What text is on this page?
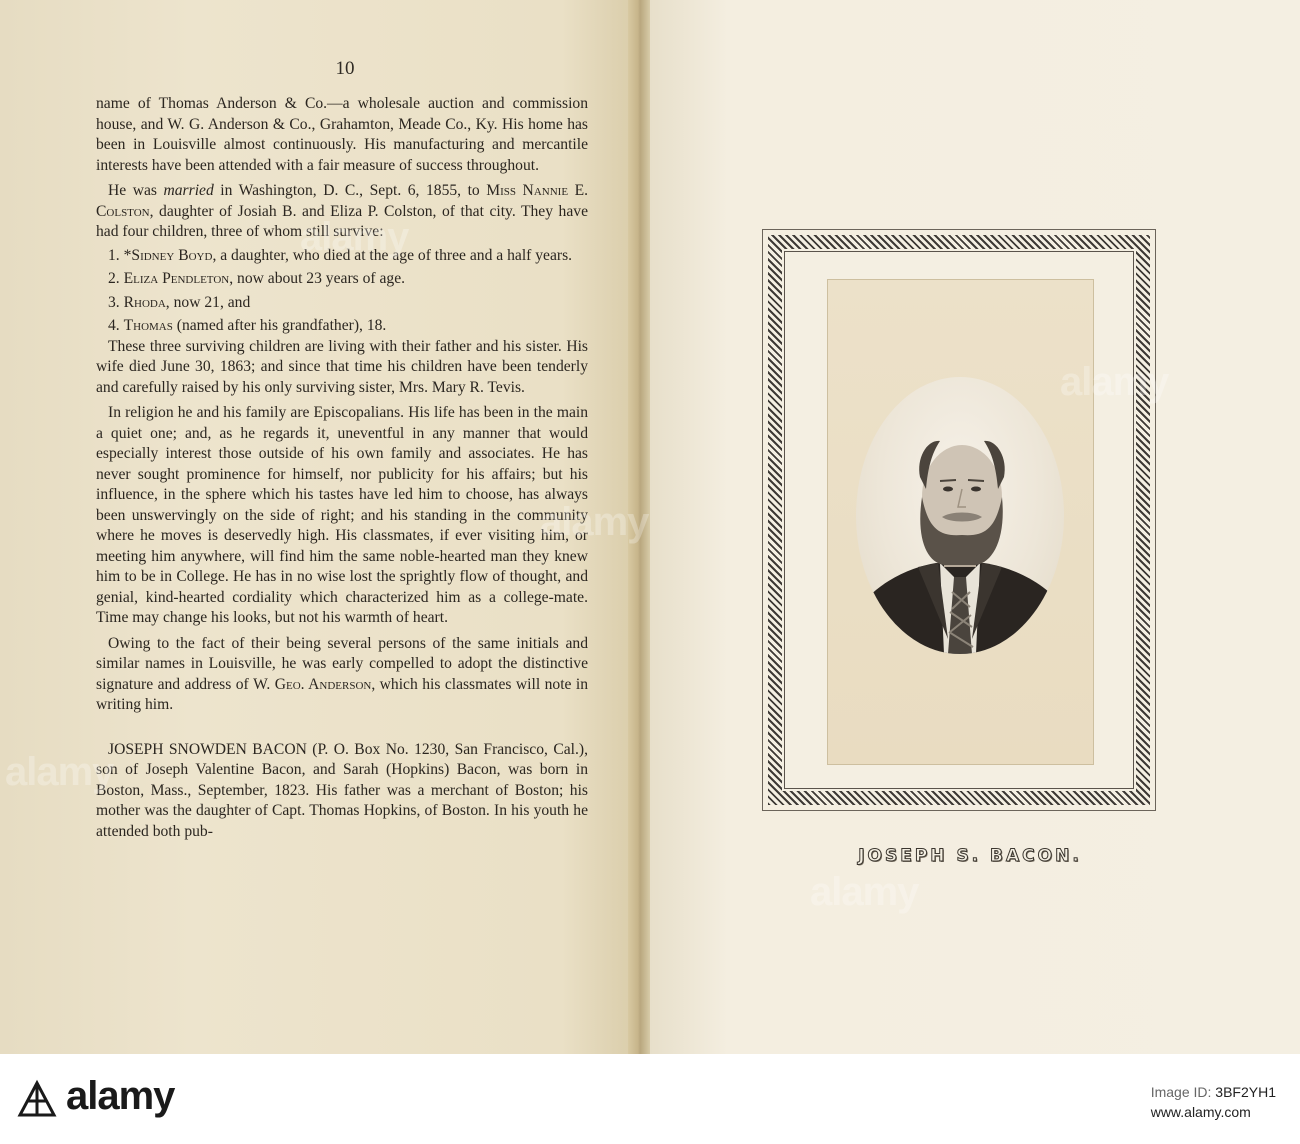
10

name of Thomas Anderson & Co.—a wholesale auction and commission house, and W. G. Anderson & Co., Grahamton, Meade Co., Ky. His home has been in Louisville almost continuously. His manufacturing and mercantile interests have been attended with a fair measure of success throughout.

He was married in Washington, D. C., Sept. 6, 1855, to Miss Nannie E. Colston, daughter of Josiah B. and Eliza P. Colston, of that city. They have had four children, three of whom still survive:

1. *Sidney Boyd, a daughter, who died at the age of three and a half years.

2. Eliza Pendleton, now about 23 years of age.

3. Rhoda, now 21, and

4. Thomas (named after his grandfather), 18.

These three surviving children are living with their father and his sister. His wife died June 30, 1863; and since that time his children have been tenderly and carefully raised by his only surviving sister, Mrs. Mary R. Tevis.

In religion he and his family are Episcopalians. His life has been in the main a quiet one; and, as he regards it, uneventful in any manner that would especially interest those outside of his own family and associates. He has never sought prominence for himself, nor publicity for his affairs; but his influence, in the sphere which his tastes have led him to choose, has always been unswervingly on the side of right; and his standing in the community where he moves is deservedly high. His classmates, if ever visiting him, or meeting him anywhere, will find him the same noble-hearted man they knew him to be in College. He has in no wise lost the sprightly flow of thought, and genial, kind-hearted cordiality which characterized him as a college-mate. Time may change his looks, but not his warmth of heart.

Owing to the fact of their being several persons of the same initials and similar names in Louisville, he was early compelled to adopt the distinctive signature and address of W. Geo. Anderson, which his classmates will note in writing him.

JOSEPH SNOWDEN BACON (P. O. Box No. 1230, San Francisco, Cal.), son of Joseph Valentine Bacon, and Sarah (Hopkins) Bacon, was born in Boston, Mass., September, 1823. His father was a merchant of Boston; his mother was the daughter of Capt. Thomas Hopkins, of Boston. In his youth he attended both pub-

JOSEPH S. BACON.
alamy
alamy
alamy
alamy
alamy
alamy	Image ID: 3BF2YH1
www.alamy.com
